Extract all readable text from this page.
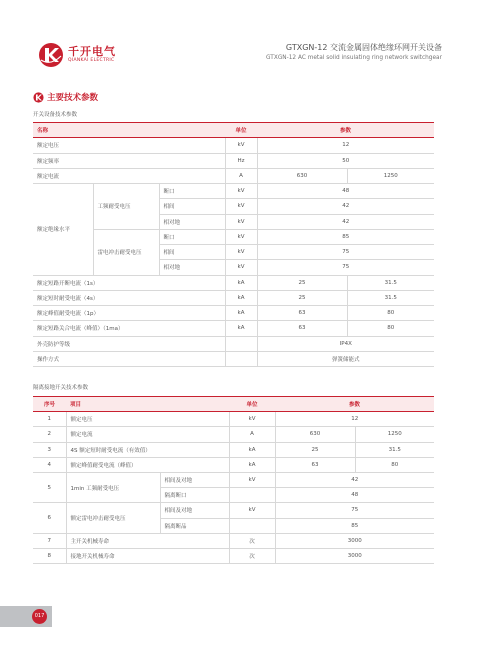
千开电气
QIANKAI ELECTRIC
GTXGN-12 交流金属固体绝缘环网开关设备
GTXGN-12 AC metal solid insulating ring network switchgear
主要技术参数
开关设备技术参数
名称			单位	参数	
额定电压			kV	12	
额定频率			Hz	50	
额定电流			A	630	1250
额定绝缘水平	工频耐受电压	断口	kV	48	
		相间	kV	42	
		相对地	kV	42	
	雷电冲击耐受电压	断口	kV	85	
		相间	kV	75	
		相对地	kV	75	
额定短路开断电流（1s）			kA	25	31.5
额定短时耐受电流（4s）			kA	25	31.5
额定峰值耐受电流（1p）			kA	63	80
额定短路关合电流（峰值）（1ma）			kA	63	80
外壳防护等级				IP4X	
操作方式				弹簧储能式	
隔离接地开关技术参数
序号	项目		单位	参数	
1	额定电压		kV	12	
2	额定电流		A	630	1250
3	4S 额定短时耐受电流（有效值）		kA	25	31.5
4	额定峰值耐受电流（峰值）		kA	63	80
5	1min 工频耐受电压	相间及对地	kV	42	
		隔离断口		48	
6	额定雷电冲击耐受电压	相间及对地	kV	75	
		隔离断品		85	
7	主开关机械寿命		次	3000	
8	接地开关机械寿命		次	3000	
017
